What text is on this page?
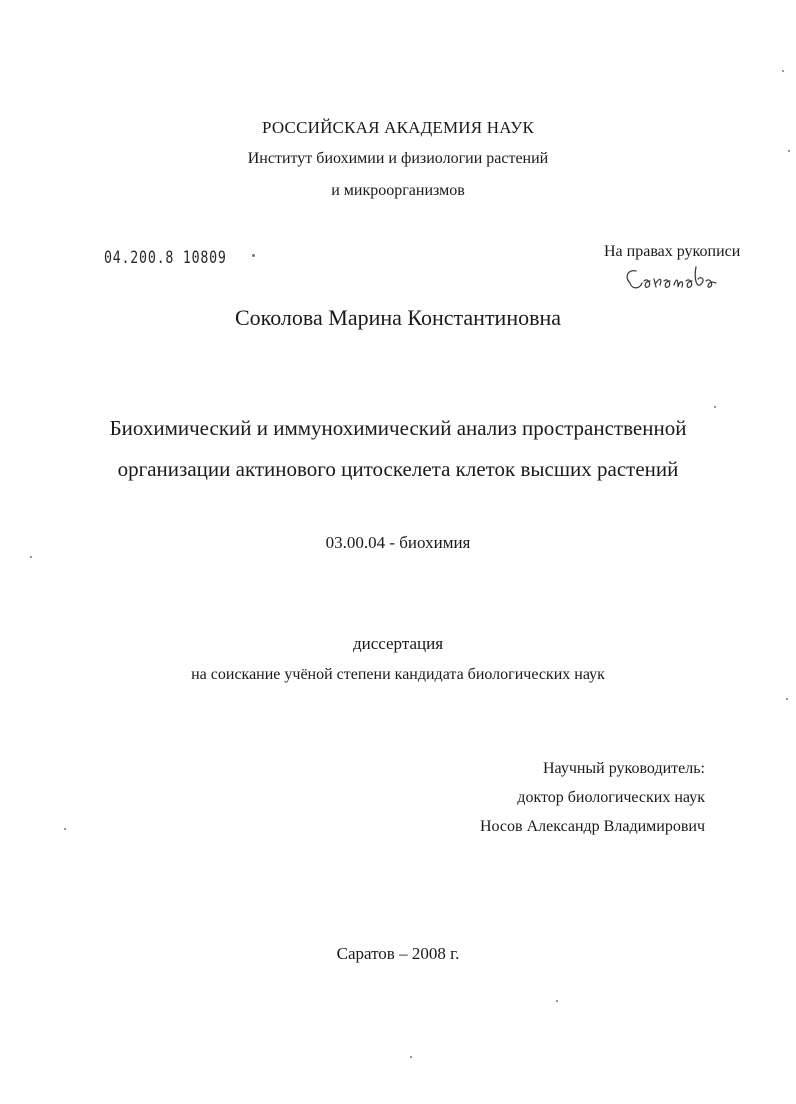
РОССИЙСКАЯ АКАДЕМИЯ НАУК
Институт биохимии и физиологии растений
и микроорганизмов
04.200.8 10809	На правах рукописи
Соколова Марина Константиновна
Биохимический и иммунохимический анализ пространственной
организации актинового цитоскелета клеток высших растений
03.00.04 - биохимия
диссертация
на соискание учёной степени кандидата биологических наук
Научный руководитель:
доктор биологических наук
Носов Александр Владимирович
Саратов – 2008 г.
